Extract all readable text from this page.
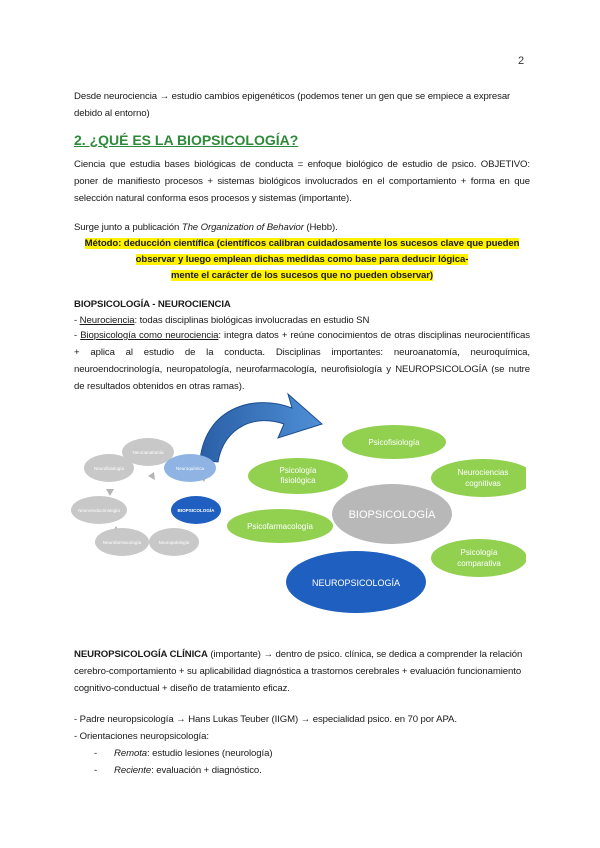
2
Desde neurociencia → estudio cambios epigenéticos (podemos tener un gen que se empiece a expresar debido al entorno)
2. ¿QUÉ ES LA BIOPSICOLOGÍA?
Ciencia que estudia bases biológicas de conducta = enfoque biológico de estudio de psico. OBJETIVO: poner de manifiesto procesos + sistemas biológicos involucrados en el comportamiento + forma en que selección natural conforma esos procesos y sistemas (importante).
Surge junto a publicación The Organization of Behavior (Hebb).
Método: deducción científica (científicos calibran cuidadosamente los sucesos clave que pueden
observar y luego emplean dichas medidas como base para deducir lógica-
mente el carácter de los sucesos que no pueden observar)
BIOPSICOLOGÍA - NEUROCIENCIA
- Neurociencia: todas disciplinas biológicas involucradas en estudio SN
- Biopsicología como neurociencia: integra datos + reúne conocimientos de otras disciplinas neurocientíficas + aplica al estudio de la conducta. Disciplinas importantes: neuroanatomía, neuroquímica, neuroendocrinología, neuropatología, neurofarmacología, neurofisiología y NEUROPSICOLOGÍA (se nutre de resultados obtenidos en otras ramas).
Neuroanatomía
Neurofisiología	Neuroquímica
Neuroendocrinología	BIOPSICOLOGÍA
Neurofarmacología	Neuropatología
Psicofisiología
Psicología
fisiológica
Neurociencias
cognitivas
Psicofarmacología
Psicología
comparativa
BIOPSICOLOGÍA
NEUROPSICOLOGÍA
NEUROPSICOLOGÍA CLÍNICA (importante) → dentro de psico. clínica, se dedica a comprender la relación cerebro-comportamiento + su aplicabilidad diagnóstica a trastornos cerebrales + evaluación funcionamiento cognitivo-conductual + diseño de tratamiento eficaz.
- Padre neuropsicología → Hans Lukas Teuber (IIGM) → especialidad psico. en 70 por APA.
- Orientaciones neuropsicología:
- Remota: estudio lesiones (neurología)
- Reciente: evaluación + diagnóstico.
